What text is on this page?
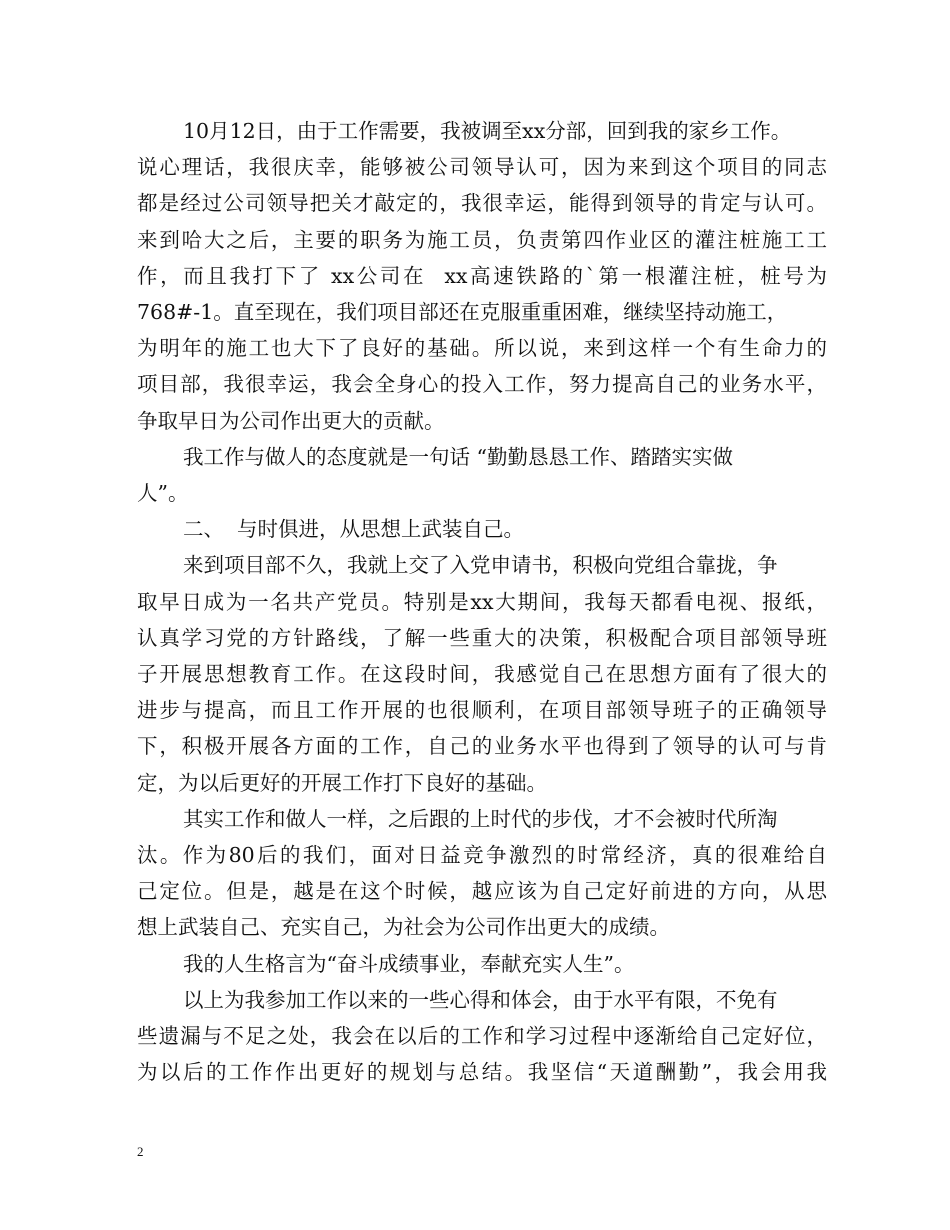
10月12日，由于工作需要，我被调至xx分部，回到我的家乡工作。
说心理话，我很庆幸，能够被公司领导认可，因为来到这个项目的同志
都是经过公司领导把关才敲定的，我很幸运，能得到领导的肯定与认可。
来到哈大之后，主要的职务为施工员，负责第四作业区的灌注桩施工工
作，而且我打下了 xx公司在  xx高速铁路的`第一根灌注桩，桩号为
768#-1。直至现在，我们项目部还在克服重重困难，继续坚持动施工，
为明年的施工也大下了良好的基础。所以说，来到这样一个有生命力的
项目部，我很幸运，我会全身心的投入工作，努力提高自己的业务水平，
争取早日为公司作出更大的贡献。
我工作与做人的态度就是一句话 “勤勤恳恳工作、踏踏实实做
人”。
二、  与时俱进，从思想上武装自己。
来到项目部不久，我就上交了入党申请书，积极向党组合靠拢，争
取早日成为一名共产党员。特别是xx大期间，我每天都看电视、报纸，
认真学习党的方针路线，了解一些重大的决策，积极配合项目部领导班
子开展思想教育工作。在这段时间，我感觉自己在思想方面有了很大的
进步与提高，而且工作开展的也很顺利，在项目部领导班子的正确领导
下，积极开展各方面的工作，自己的业务水平也得到了领导的认可与肯
定，为以后更好的开展工作打下良好的基础。
其实工作和做人一样，之后跟的上时代的步伐，才不会被时代所淘
汰。作为80后的我们，面对日益竞争激烈的时常经济，真的很难给自
己定位。但是，越是在这个时候，越应该为自己定好前进的方向，从思
想上武装自己、充实自己，为社会为公司作出更大的成绩。
我的人生格言为“奋斗成绩事业，奉献充实人生”。
以上为我参加工作以来的一些心得和体会，由于水平有限，不免有
些遗漏与不足之处，我会在以后的工作和学习过程中逐渐给自己定好位，
2
为以后的工作作出更好的规划与总结。我坚信“天道酬勤”，我会用我
